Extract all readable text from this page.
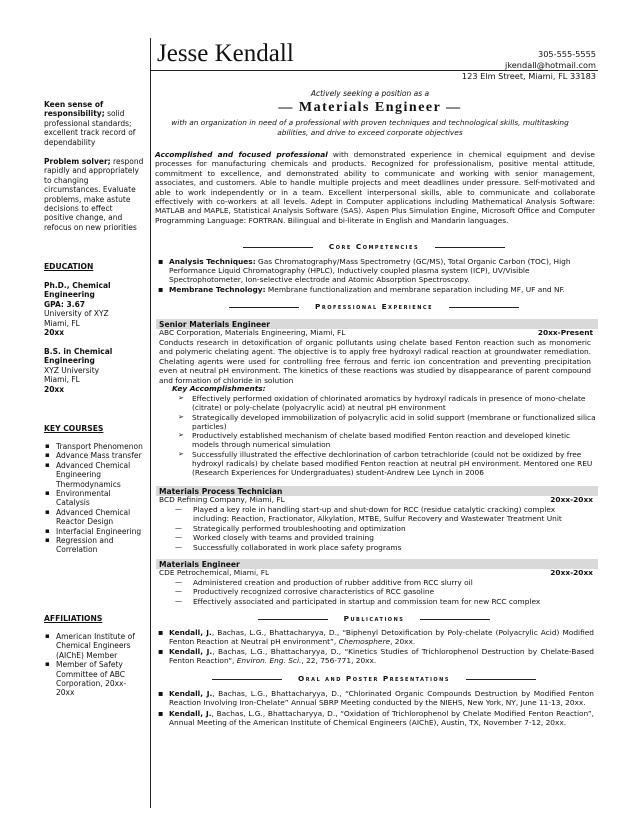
Jesse Kendall	305-555-5555
jkendall@hotmail.com
123 Elm Street, Miami, FL 33183
Actively seeking a position as a
— Materials Engineer —
with an organization in need of a professional with proven techniques and technological skills, multitasking abilities, and drive to exceed corporate objectives
Accomplished and focused professional with demonstrated experience in chemical equipment and devise processes for manufacturing chemicals and products. Recognized for professionalism, positive mental attitude, commitment to excellence, and demonstrated ability to communicate and working with senior management, associates, and customers. Able to handle multiple projects and meet deadlines under pressure. Self-motivated and able to work independently or in a team. Excellent interpersonal skills, able to communicate and collaborate effectively with co-workers at all levels. Adept in Computer applications including Mathematical Analysis Software: MATLAB and MAPLE, Statistical Analysis Software (SAS). Aspen Plus Simulation Engine, Microsoft Office and Computer Programming Language: FORTRAN. Bilingual and bi-literate in English and Mandarin languages.
Core Competencies
▪ Analysis Techniques: Gas Chromatography/Mass Spectrometry (GC/MS), Total Organic Carbon (TOC), High Performance Liquid Chromatography (HPLC), Inductively coupled plasma system (ICP), UV/Visible Spectrophotometer, Ion-selective electrode and Atomic Absorption Spectroscopy.
▪ Membrane Technology: Membrane functionalization and membrane separation including MF, UF and NF.
Professional Experience
Senior Materials Engineer
ABC Corporation, Materials Engineering, Miami, FL	20xx-Present
Conducts research in detoxification of organic pollutants using chelate based Fenton reaction such as monomeric and polymeric chelating agent. The objective is to apply free hydroxyl radical reaction at groundwater remediation. Chelating agents were used for controlling free ferrous and ferric ion concentration and preventing precipitation even at neutral pH environment. The kinetics of these reactions was studied by disappearance of parent compound and formation of chloride in solution
Key Accomplishments:
➢ Effectively performed oxidation of chlorinated aromatics by hydroxyl radicals in presence of mono-chelate (citrate) or poly-chelate (polyacrylic acid) at neutral pH environment
➢ Strategically developed immobilization of polyacrylic acid in solid support (membrane or functionalized silica particles)
➢ Productively established mechanism of chelate based modified Fenton reaction and developed kinetic models through numerical simulation
➢ Successfully illustrated the effective dechlorination of carbon tetrachloride (could not be oxidized by free hydroxyl radicals) by chelate based modified Fenton reaction at neutral pH environment. Mentored one REU (Research Experiences for Undergraduates) student-Andrew Lee Lynch in 2006
Materials Process Technician
BCD Refining Company, Miami, FL	20xx-20xx
— Played a key role in handling start-up and shut-down for RCC (residue catalytic cracking) complex including: Reaction, Fractionator, Alkylation, MTBE, Sulfur Recovery and Wastewater Treatment Unit
— Strategically performed troubleshooting and optimization
— Worked closely with teams and provided training
— Successfully collaborated in work place safety programs
Materials Engineer
CDE Petrochemical, Miami, FL	20xx-20xx
— Administered creation and production of rubber additive from RCC slurry oil
— Productively recognized corrosive characteristics of RCC gasoline
— Effectively associated and participated in startup and commission team for new RCC complex
Publications
▪ Kendall, J., Bachas, L.G., Bhattacharyya, D., “Biphenyl Detoxification by Poly-chelate (Polyacrylic Acid) Modified Fenton Reaction at Neutral pH environment”, Chemosphere, 20xx.
▪ Kendall, J., Bachas, L.G., Bhattacharyya, D., “Kinetics Studies of Trichlorophenol Destruction by Chelate-Based Fenton Reaction”, Environ. Eng. Sci., 22, 756-771, 20xx.
Oral and Poster Presentations
▪ Kendall, J., Bachas, L.G., Bhattacharyya, D., “Chlorinated Organic Compounds Destruction by Modified Fenton Reaction Involving Iron-Chelate” Annual SBRP Meeting conducted by the NIEHS, New York, NY, June 11-13, 20xx.
▪ Kendall, J., Bachas, L.G., Bhattacharyya, D., “Oxidation of Trichlorophenol by Chelate Modified Fenton Reaction”, Annual Meeting of the American Institute of Chemical Engineers (AIChE), Austin, TX, November 7-12, 20xx.
Keen sense of responsibility; solid professional standards; excellent track record of dependability
Problem solver; respond rapidly and appropriately to changing circumstances. Evaluate problems, make astute decisions to effect positive change, and refocus on new priorities
EDUCATION
Ph.D., Chemical Engineering
GPA: 3.67
University of XYZ
Miami, FL
20xx
B.S. in Chemical Engineering
XYZ University
Miami, FL
20xx
KEY COURSES
▪ Transport Phenomenon
▪ Advance Mass transfer
▪ Advanced Chemical Engineering Thermodynamics
▪ Environmental Catalysis
▪ Advanced Chemical Reactor Design
▪ Interfacial Engineering
▪ Regression and Correlation
AFFILIATIONS
▪ American Institute of Chemical Engineers (AIChE) Member
▪ Member of Safety Committee of ABC Corporation, 20xx-20xx
